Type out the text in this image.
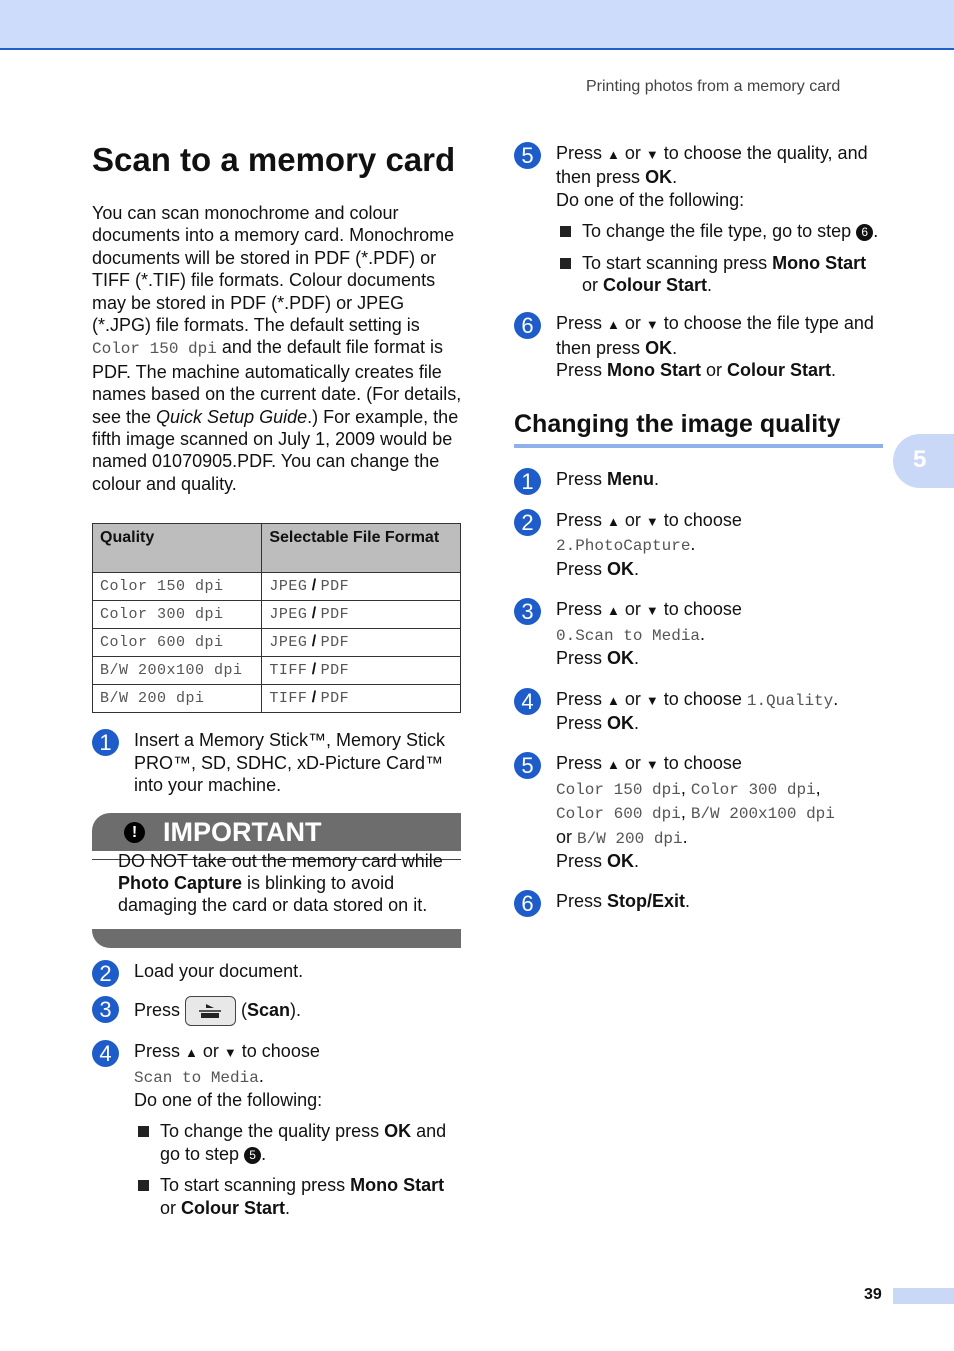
Printing photos from a memory card
5
Scan to a memory card

You can scan monochrome and colour documents into a memory card. Monochrome documents will be stored in PDF (*.PDF) or TIFF (*.TIF) file formats. Colour documents may be stored in PDF (*.PDF) or JPEG (*.JPG) file formats. The default setting is Color 150 dpi and the default file format is PDF. The machine automatically creates file names based on the current date. (For details, see the Quick Setup Guide.) For example, the fifth image scanned on July 1, 2009 would be named 01070905.PDF. You can change the colour and quality.

Quality	Selectable File Format
Color 150 dpi	JPEG / PDF
Color 300 dpi	JPEG / PDF
Color 600 dpi	JPEG / PDF
B/W 200x100 dpi	TIFF / PDF
B/W 200 dpi	TIFF / PDF
1	Insert a Memory Stick™, Memory Stick PRO™, SD, SDHC, xD-Picture Card™ into your machine.
! IMPORTANT
DO NOT take out the memory card while Photo Capture is blinking to avoid damaging the card or data stored on it.
2	Load your document.
3	Press	(Scan).
4	Press ▲ or ▼ to choose
Scan to Media.
Do one of the following:
To change the quality press OK and go to step 5 .
To start scanning press Mono Start or Colour Start.
5	Press ▲ or ▼ to choose the quality, and then press OK.
Do one of the following:
To change the file type, go to step 6 .
To start scanning press Mono Start or Colour Start.
6	Press ▲ or ▼ to choose the file type and then press OK.
Press Mono Start or Colour Start.
Changing the image quality
1	Press Menu.
2	Press ▲ or ▼ to choose
2.PhotoCapture.
Press OK.
3	Press ▲ or ▼ to choose
0.Scan to Media.
Press OK.
4	Press ▲ or ▼ to choose 1.Quality.
Press OK.
5	Press ▲ or ▼ to choose
Color 150 dpi, Color 300 dpi,
Color 600 dpi, B/W 200x100 dpi
or B/W 200 dpi.
Press OK.
6	Press Stop/Exit.
39
